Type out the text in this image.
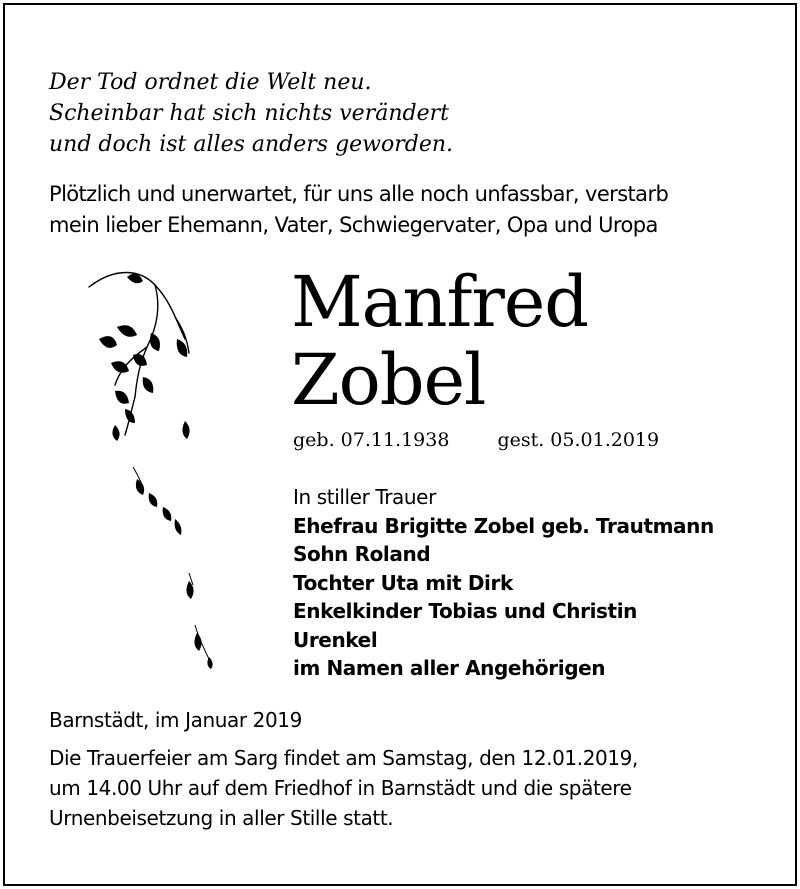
Der Tod ordnet die Welt neu.
Scheinbar hat sich nichts verändert
und doch ist alles anders geworden.
Plötzlich und unerwartet, für uns alle noch unfassbar, verstarb
mein lieber Ehemann, Vater, Schwiegervater, Opa und Uropa
Manfred
Zobel
geb. 07.11.1938	gest. 05.01.2019
In stiller Trauer
Ehefrau Brigitte Zobel geb. Trautmann
Sohn Roland
Tochter Uta mit Dirk
Enkelkinder Tobias und Christin
Urenkel
im Namen aller Angehörigen
Barnstädt, im Januar 2019
Die Trauerfeier am Sarg findet am Samstag, den 12.01.2019,
um 14.00 Uhr auf dem Friedhof in Barnstädt und die spätere
Urnenbeisetzung in aller Stille statt.
